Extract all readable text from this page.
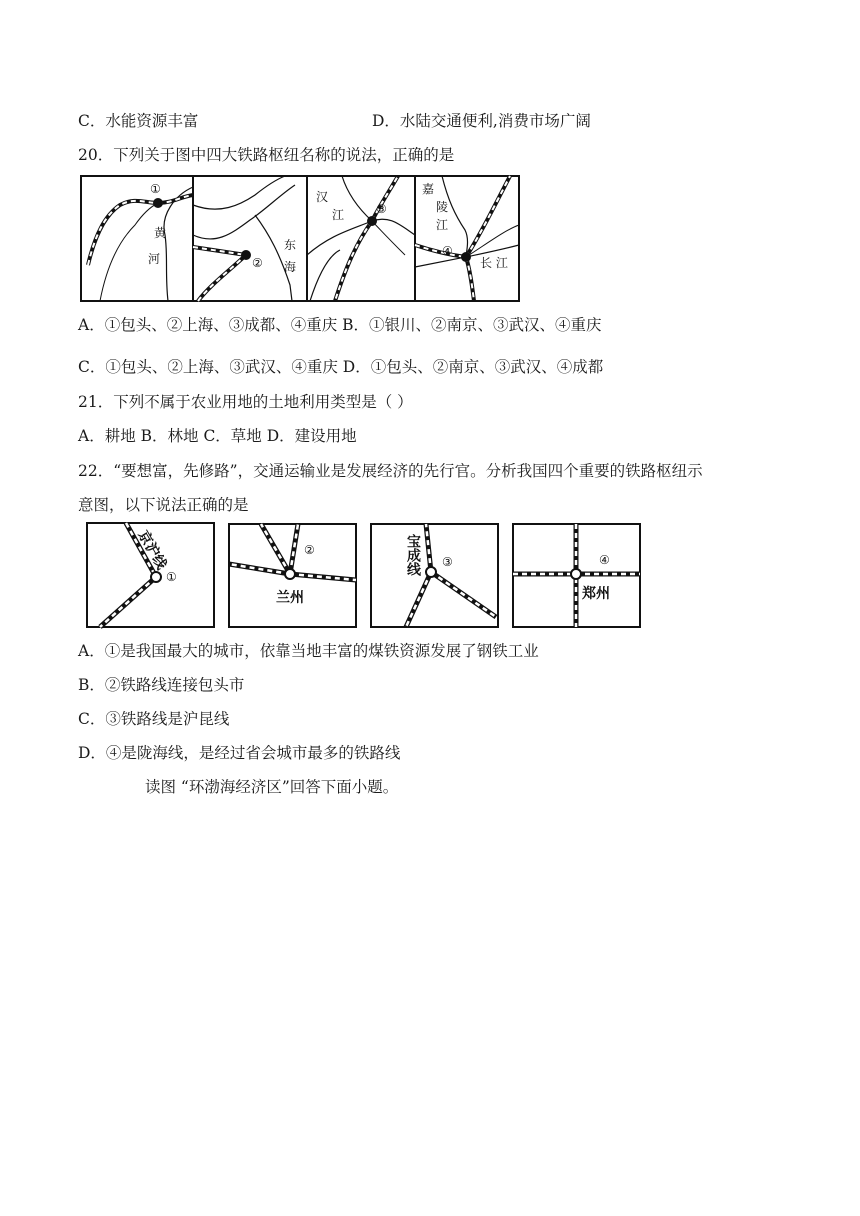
C．水能资源丰富	D．水陆交通便利,消费市场广阔
20．下列关于图中四大铁路枢纽名称的说法，正确的是
①
黄
河	②
东
海
③
汉
江
④
嘉
陵
江
长 江
A．①包头、②上海、③成都、④重庆 B．①银川、②南京、③武汉、④重庆
C．①包头、②上海、③武汉、④重庆 D．①包头、②南京、③武汉、④成都
21．下列不属于农业用地的土地利用类型是（ ）
A．耕地 B．林地 C．草地 D．建设用地
22．“要想富，先修路”，交通运输业是发展经济的先行官。分析我国四个重要的铁路枢纽示
意图，以下说法正确的是
①
京沪线	②
兰州
③
宝成线	④
郑州
A．①是我国最大的城市，依靠当地丰富的煤铁资源发展了钢铁工业
B．②铁路线连接包头市
C．③铁路线是沪昆线
D．④是陇海线，是经过省会城市最多的铁路线
读图 “环渤海经济区”回答下面小题。
